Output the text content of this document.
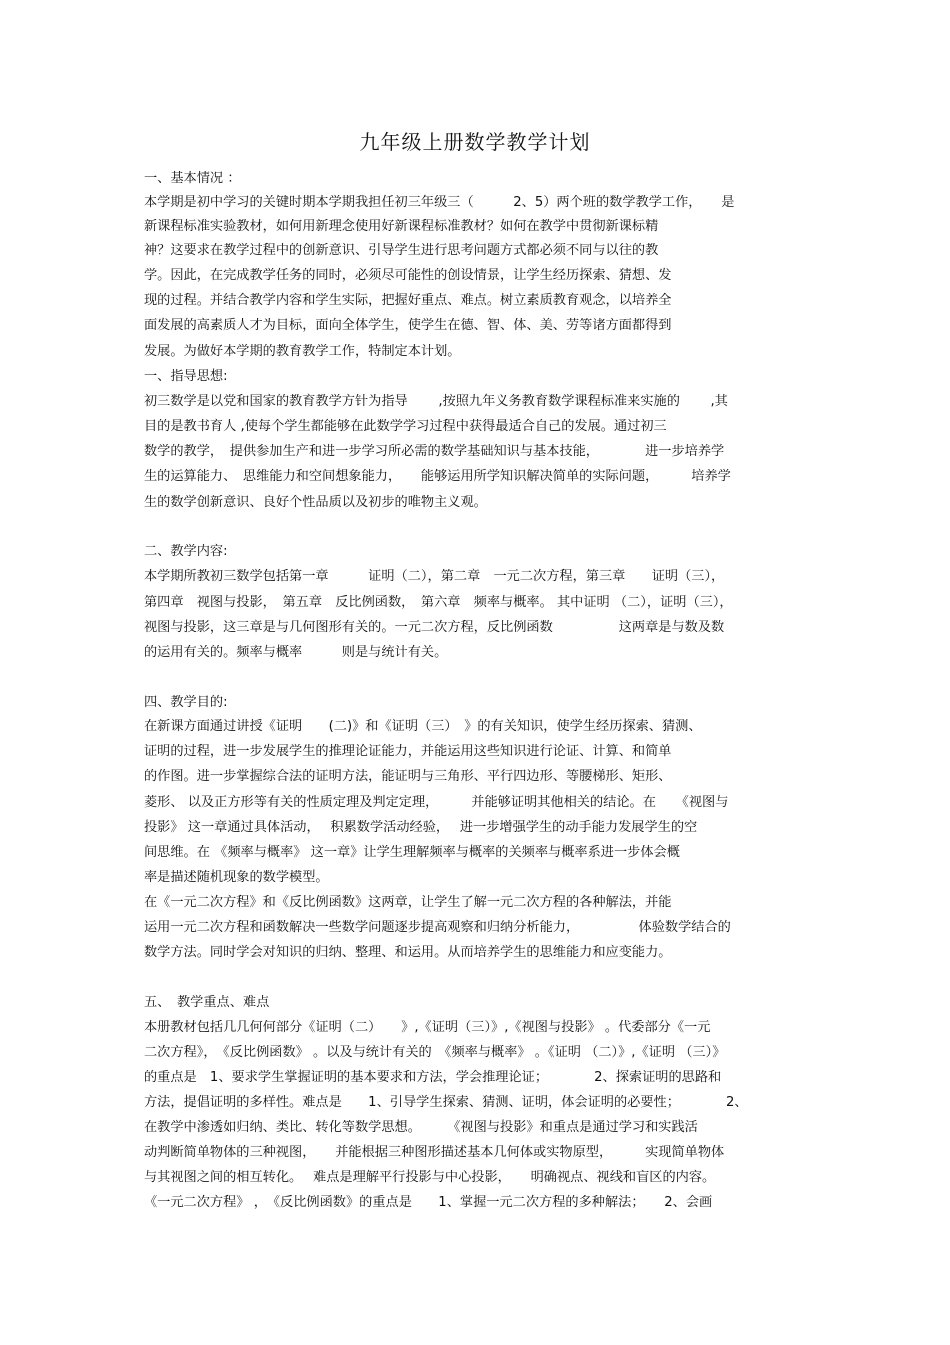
九年级上册数学教学计划
一、基本情况 ：
本学期是初中学习的关键时期本学期我担任初三年级三（　　　2、5）两个班的数学教学工作，　　是
新课程标准实验教材，如何用新理念使用好新课程标准教材？如何在教学中贯彻新课标精
神？这要求在教学过程中的创新意识、引导学生进行思考问题方式都必须不同与以往的教
学。因此，在完成教学任务的同时，必须尽可能性的创设情景，让学生经历探索、猜想、发
现的过程。并结合教学内容和学生实际，把握好重点、难点。树立素质教育观念，以培养全
面发展的高素质人才为目标，面向全体学生，使学生在德、智、体、美、劳等诸方面都得到
发展。为做好本学期的教育教学工作，特制定本计划。
一、指导思想:
初三数学是以党和国家的教育教学方针为指导　　 ,按照九年义务教育数学课程标准来实施的　　 ,其
目的是教书育人 ,使每个学生都能够在此数学学习过程中获得最适合自己的发展。通过初三
数学的教学，　提供参加生产和进一步学习所必需的数学基础知识与基本技能，　　　　进一步培养学
生的运算能力、　思维能力和空间想象能力，　　能够运用所学知识解决简单的实际问题，　　　培养学
生的数学创新意识、良好个性品质以及初步的唯物主义观。
二、教学内容:
本学期所教初三数学包括第一章　　　证明（二），第二章　一元二次方程，第三章　　证明（三），
第四章　视图与投影，　第五章　反比例函数，　第六章　频率与概率。 其中证明 （二），证明（三），
视图与投影，这三章是与几何图形有关的。一元二次方程，反比例函数　　　　　这两章是与数及数
的运用有关的。频率与概率　　　则是与统计有关。
四、教学目的:
在新课方面通过讲授《证明　　(二)》和《证明（三）　》的有关知识，使学生经历探索、猜测、
证明的过程，进一步发展学生的推理论证能力，并能运用这些知识进行论证、计算、和简单
的作图。进一步掌握综合法的证明方法，能证明与三角形、平行四边形、等腰梯形、矩形、
菱形、 以及正方形等有关的性质定理及判定定理，　　　并能够证明其他相关的结论。在　　《视图与
投影》 这一章通过具体活动，　 积累数学活动经验，　 进一步增强学生的动手能力发展学生的空
间思维。在 《频率与概率》 这一章》让学生理解频率与概率的关频率与概率系进一步体会概
率是描述随机现象的数学模型。
在《一元二次方程》和《反比例函数》这两章，让学生了解一元二次方程的各种解法，并能
运用一元二次方程和函数解决一些数学问题逐步提高观察和归纳分析能力，　　　　　体验数学结合的
数学方法。同时学会对知识的归纳、整理、和运用。从而培养学生的思维能力和应变能力。
五、　教学重点、难点
本册教材包括几几何何部分《证明（二）　　》,《证明（三）》,《视图与投影》 。代委部分《一元
二次方程》，　《反比例函数》 。以及与统计有关的　《频率与概率》 。《证明 （二）》,《证明 （三）》
的重点是　1、要求学生掌握证明的基本要求和方法，学会推理论证；　　　　2、探索证明的思路和
方法，提倡证明的多样性。难点是　　1、引导学生探索、猜测、证明，体会证明的必要性；　　　　2、
在教学中渗透如归纳、类比、转化等数学思想。　　　《视图与投影》和重点是通过学习和实践活
动判断简单物体的三种视图，　　并能根据三种图形描述基本几何体或实物原型，　　　实现简单物体
与其视图之间的相互转化。　 难点是理解平行投影与中心投影，　　明确视点、视线和盲区的内容。
《一元二次方程》 ，　《反比例函数》的重点是　　1、掌握一元二次方程的多种解法；　　2、会画
